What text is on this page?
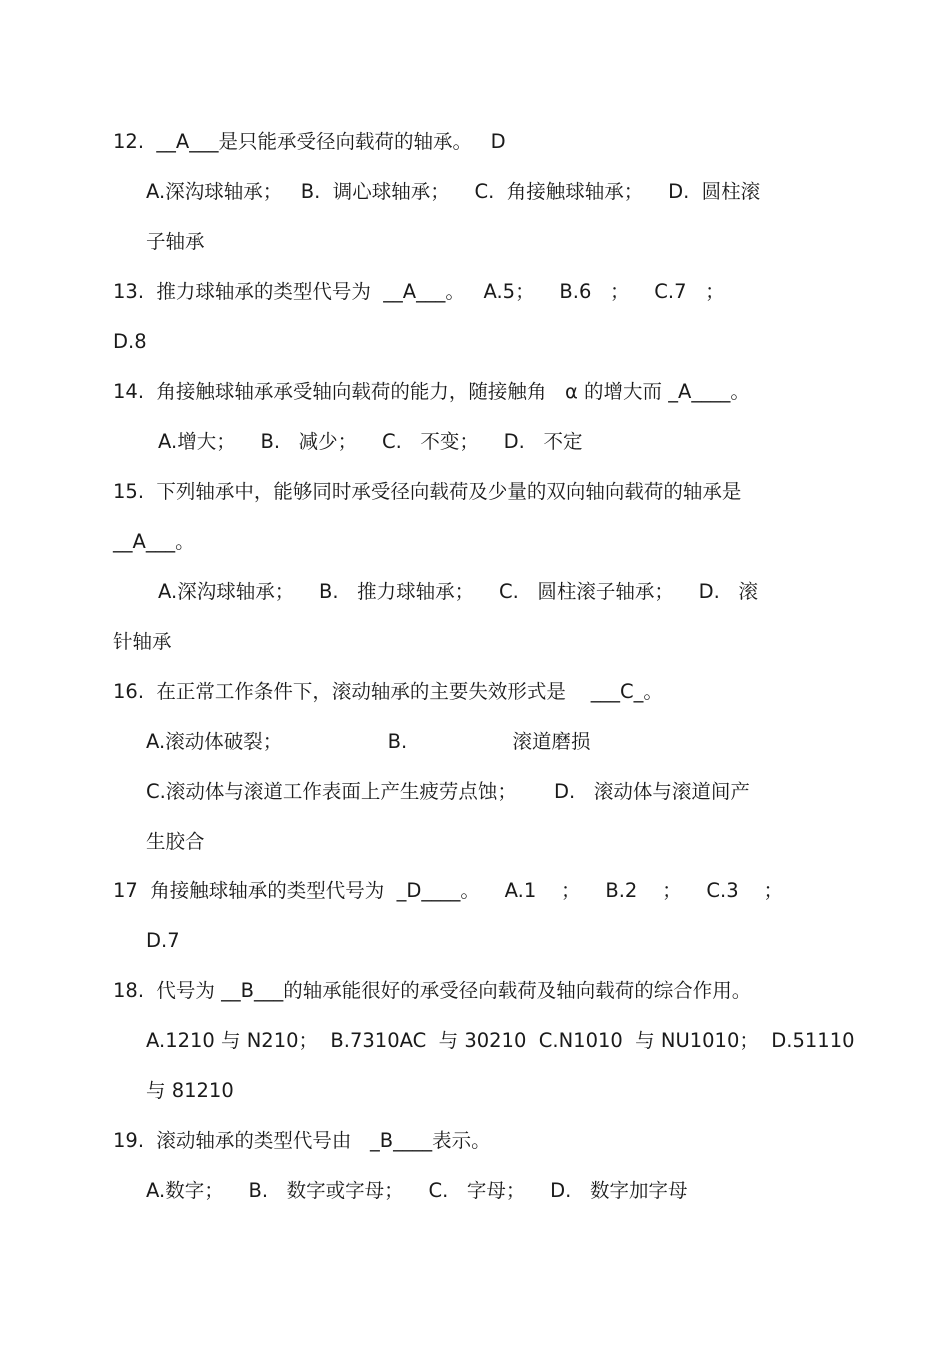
12.  __A___是只能承受径向载荷的轴承。   D
A.深沟球轴承；   B.  调心球轴承；    C.  角接触球轴承；    D.  圆柱滚
子轴承
13.  推力球轴承的类型代号为  __A___。   A.5；    B.6   ；    C.7   ；
D.8
14.  角接触球轴承承受轴向载荷的能力，随接触角   α 的增大而 _A____。
A.增大；    B.   减少；    C.   不变；    D.   不定
15.  下列轴承中，能够同时承受径向载荷及少量的双向轴向载荷的轴承是
__A___。
A.深沟球轴承；    B.   推力球轴承；    C.   圆柱滚子轴承；    D.   滚
针轴承
16.  在正常工作条件下，滚动轴承的主要失效形式是    ___C_。
A.滚动体破裂；                 B.                 滚道磨损
C.滚动体与滚道工作表面上产生疲劳点蚀；      D.   滚动体与滚道间产
生胶合
17  角接触球轴承的类型代号为  _D____。    A.1    ；    B.2    ；    C.3    ；
D.7
18.  代号为 __B___的轴承能很好的承受径向载荷及轴向载荷的综合作用。
A.1210 与 N210；  B.7310AC  与 30210  C.N1010  与 NU1010；  D.51110
与 81210
19.  滚动轴承的类型代号由   _B____表示。
A.数字；    B.   数字或字母；    C.   字母；    D.   数字加字母
